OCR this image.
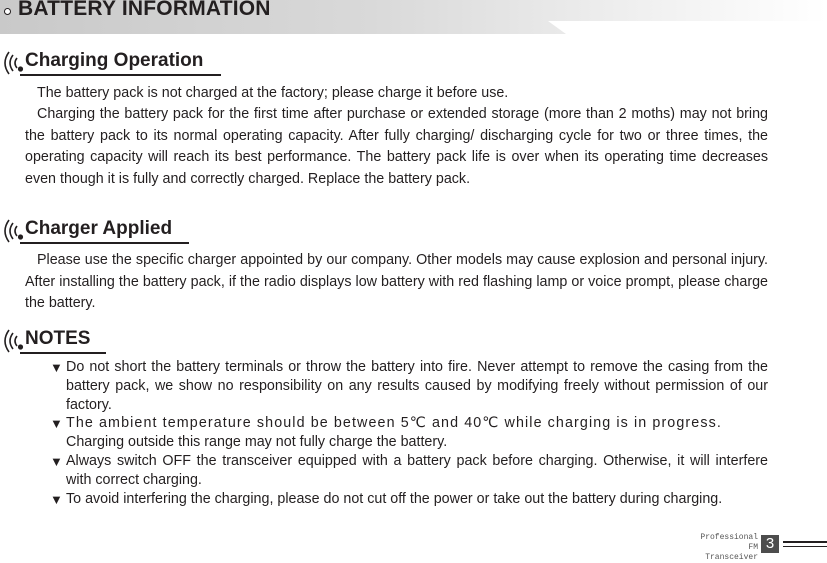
BATTERY INFORMATION
Charging Operation

The battery pack is not charged at the factory; please charge it before use.

Charging the battery pack for the first time after purchase or extended storage (more than 2 moths) may not bring the battery pack to its normal operating capacity. After fully charging/ discharging cycle for two or three times, the operating capacity will reach its best performance. The battery pack life is over when its operating time decreases even though it is fully and correctly charged. Replace the battery pack.

Charger Applied

Please use the specific charger appointed by our company. Other models may cause explosion and personal injury. After installing the battery pack, if the radio displays low battery with red flashing lamp or voice prompt, please charge the battery.

NOTES
▼ Do not short the battery terminals or throw the battery into fire. Never attempt to remove the casing from the battery pack, we show no responsibility on any results caused by modifying freely without permission of our factory.
▼ The ambient temperature should be between 5℃ and 40℃ while charging is in progress.
Charging outside this range may not fully charge the battery.
▼ Always switch OFF the transceiver equipped with a battery pack before charging. Otherwise, it will interfere with correct charging.
▼ To avoid interfering the charging, please do not cut off the power or take out the battery during charging.
Professional
FM Transceiver
3
